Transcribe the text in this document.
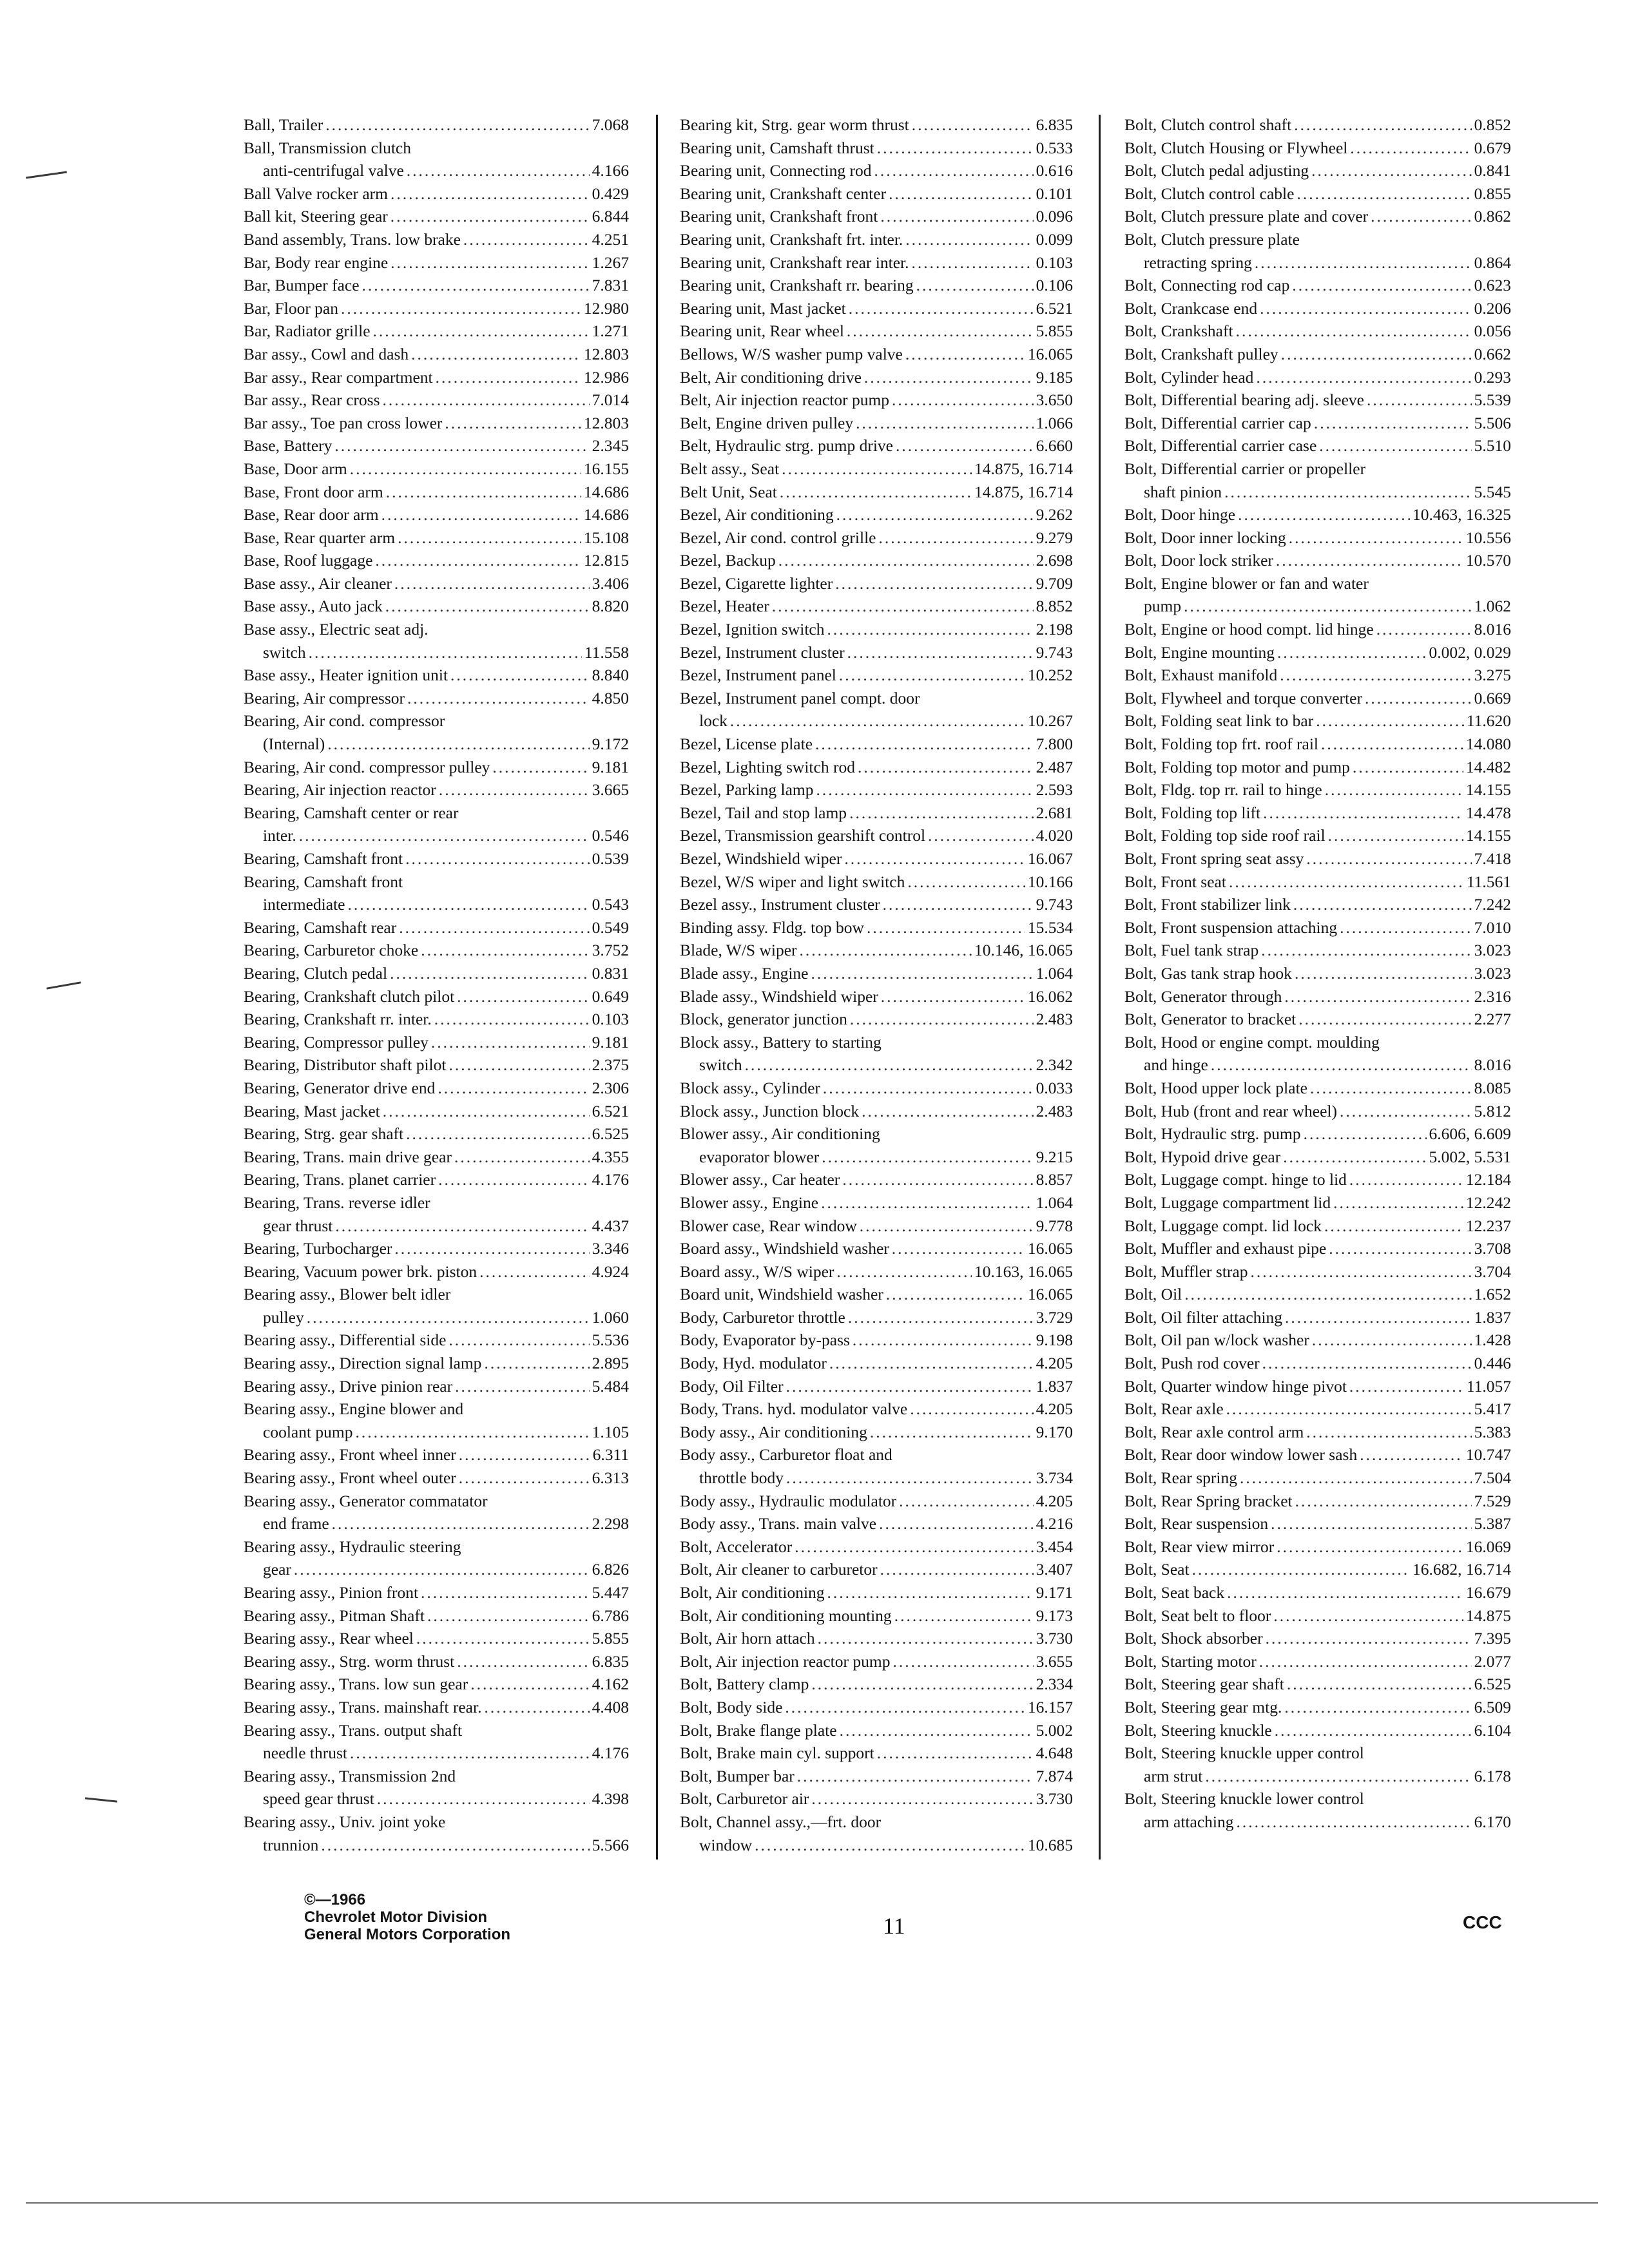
Ball, Trailer .....	7.068
Ball, Transmission clutch
anti-centrifugal valve .....	4.166
Ball Valve rocker arm .....	0.429
Ball kit, Steering gear .....	6.844
Band assembly, Trans. low brake .....	4.251
Bar, Body rear engine .....	1.267
Bar, Bumper face .....	7.831
Bar, Floor pan .....	12.980
Bar, Radiator grille .....	1.271
Bar assy., Cowl and dash .....	12.803
Bar assy., Rear compartment .....	12.986
Bar assy., Rear cross .....	7.014
Bar assy., Toe pan cross lower .....	12.803
Base, Battery .....	2.345
Base, Door arm .....	16.155
Base, Front door arm .....	14.686
Base, Rear door arm .....	14.686
Base, Rear quarter arm .....	15.108
Base, Roof luggage .....	12.815
Base assy., Air cleaner .....	3.406
Base assy., Auto jack .....	8.820
Base assy., Electric seat adj.
switch .....	11.558
Base assy., Heater ignition unit .....	8.840
Bearing, Air compressor .....	4.850
Bearing, Air cond. compressor
(Internal) .....	9.172
Bearing, Air cond. compressor pulley .....	9.181
Bearing, Air injection reactor .....	3.665
Bearing, Camshaft center or rear
inter. .....	0.546
Bearing, Camshaft front .....	0.539
Bearing, Camshaft front
intermediate .....	0.543
Bearing, Camshaft rear .....	0.549
Bearing, Carburetor choke .....	3.752
Bearing, Clutch pedal .....	0.831
Bearing, Crankshaft clutch pilot .....	0.649
Bearing, Crankshaft rr. inter. .....	0.103
Bearing, Compressor pulley .....	9.181
Bearing, Distributor shaft pilot .....	2.375
Bearing, Generator drive end .....	2.306
Bearing, Mast jacket .....	6.521
Bearing, Strg. gear shaft .....	6.525
Bearing, Trans. main drive gear .....	4.355
Bearing, Trans. planet carrier .....	4.176
Bearing, Trans. reverse idler
gear thrust .....	4.437
Bearing, Turbocharger .....	3.346
Bearing, Vacuum power brk. piston .....	4.924
Bearing assy., Blower belt idler
pulley .....	1.060
Bearing assy., Differential side .....	5.536
Bearing assy., Direction signal lamp .....	2.895
Bearing assy., Drive pinion rear .....	5.484
Bearing assy., Engine blower and
coolant pump .....	1.105
Bearing assy., Front wheel inner .....	6.311
Bearing assy., Front wheel outer .....	6.313
Bearing assy., Generator commatator
end frame .....	2.298
Bearing assy., Hydraulic steering
gear .....	6.826
Bearing assy., Pinion front .....	5.447
Bearing assy., Pitman Shaft .....	6.786
Bearing assy., Rear wheel .....	5.855
Bearing assy., Strg. worm thrust .....	6.835
Bearing assy., Trans. low sun gear .....	4.162
Bearing assy., Trans. mainshaft rear. .....	4.408
Bearing assy., Trans. output shaft
needle thrust .....	4.176
Bearing assy., Transmission 2nd
speed gear thrust .....	4.398
Bearing assy., Univ. joint yoke
trunnion .....	5.566
Bearing kit, Strg. gear worm thrust .....	6.835
Bearing unit, Camshaft thrust .....	0.533
Bearing unit, Connecting rod .....	0.616
Bearing unit, Crankshaft center .....	0.101
Bearing unit, Crankshaft front .....	0.096
Bearing unit, Crankshaft frt. inter. .....	0.099
Bearing unit, Crankshaft rear inter. .....	0.103
Bearing unit, Crankshaft rr. bearing .....	0.106
Bearing unit, Mast jacket .....	6.521
Bearing unit, Rear wheel .....	5.855
Bellows, W/S washer pump valve .....	16.065
Belt, Air conditioning drive .....	9.185
Belt, Air injection reactor pump .....	3.650
Belt, Engine driven pulley .....	1.066
Belt, Hydraulic strg. pump drive .....	6.660
Belt assy., Seat .....	14.875, 16.714
Belt Unit, Seat .....	14.875, 16.714
Bezel, Air conditioning .....	9.262
Bezel, Air cond. control grille .....	9.279
Bezel, Backup .....	2.698
Bezel, Cigarette lighter .....	9.709
Bezel, Heater .....	8.852
Bezel, Ignition switch .....	2.198
Bezel, Instrument cluster .....	9.743
Bezel, Instrument panel .....	10.252
Bezel, Instrument panel compt. door
lock .....	10.267
Bezel, License plate .....	7.800
Bezel, Lighting switch rod .....	2.487
Bezel, Parking lamp .....	2.593
Bezel, Tail and stop lamp .....	2.681
Bezel, Transmission gearshift control .....	4.020
Bezel, Windshield wiper .....	16.067
Bezel, W/S wiper and light switch .....	10.166
Bezel assy., Instrument cluster .....	9.743
Binding assy. Fldg. top bow .....	15.534
Blade, W/S wiper .....	10.146, 16.065
Blade assy., Engine .....	1.064
Blade assy., Windshield wiper .....	16.062
Block, generator junction .....	2.483
Block assy., Battery to starting
switch .....	2.342
Block assy., Cylinder .....	0.033
Block assy., Junction block .....	2.483
Blower assy., Air conditioning
evaporator blower .....	9.215
Blower assy., Car heater .....	8.857
Blower assy., Engine .....	1.064
Blower case, Rear window .....	9.778
Board assy., Windshield washer .....	16.065
Board assy., W/S wiper .....	10.163, 16.065
Board unit, Windshield washer .....	16.065
Body, Carburetor throttle .....	3.729
Body, Evaporator by-pass .....	9.198
Body, Hyd. modulator .....	4.205
Body, Oil Filter .....	1.837
Body, Trans. hyd. modulator valve .....	4.205
Body assy., Air conditioning .....	9.170
Body assy., Carburetor float and
throttle body .....	3.734
Body assy., Hydraulic modulator .....	4.205
Body assy., Trans. main valve .....	4.216
Bolt, Accelerator .....	3.454
Bolt, Air cleaner to carburetor .....	3.407
Bolt, Air conditioning .....	9.171
Bolt, Air conditioning mounting .....	9.173
Bolt, Air horn attach .....	3.730
Bolt, Air injection reactor pump .....	3.655
Bolt, Battery clamp .....	2.334
Bolt, Body side .....	16.157
Bolt, Brake flange plate .....	5.002
Bolt, Brake main cyl. support .....	4.648
Bolt, Bumper bar .....	7.874
Bolt, Carburetor air .....	3.730
Bolt, Channel assy.,—frt. door
window .....	10.685
Bolt, Clutch control shaft .....	0.852
Bolt, Clutch Housing or Flywheel .....	0.679
Bolt, Clutch pedal adjusting .....	0.841
Bolt, Clutch control cable .....	0.855
Bolt, Clutch pressure plate and cover .....	0.862
Bolt, Clutch pressure plate
retracting spring .....	0.864
Bolt, Connecting rod cap .....	0.623
Bolt, Crankcase end .....	0.206
Bolt, Crankshaft .....	0.056
Bolt, Crankshaft pulley .....	0.662
Bolt, Cylinder head .....	0.293
Bolt, Differential bearing adj. sleeve .....	5.539
Bolt, Differential carrier cap .....	5.506
Bolt, Differential carrier case .....	5.510
Bolt, Differential carrier or propeller
shaft pinion .....	5.545
Bolt, Door hinge .....	10.463, 16.325
Bolt, Door inner locking .....	10.556
Bolt, Door lock striker .....	10.570
Bolt, Engine blower or fan and water
pump .....	1.062
Bolt, Engine or hood compt. lid hinge .....	8.016
Bolt, Engine mounting .....	0.002, 0.029
Bolt, Exhaust manifold .....	3.275
Bolt, Flywheel and torque converter .....	0.669
Bolt, Folding seat link to bar .....	11.620
Bolt, Folding top frt. roof rail .....	14.080
Bolt, Folding top motor and pump .....	14.482
Bolt, Fldg. top rr. rail to hinge .....	14.155
Bolt, Folding top lift .....	14.478
Bolt, Folding top side roof rail .....	14.155
Bolt, Front spring seat assy .....	7.418
Bolt, Front seat .....	11.561
Bolt, Front stabilizer link .....	7.242
Bolt, Front suspension attaching .....	7.010
Bolt, Fuel tank strap .....	3.023
Bolt, Gas tank strap hook .....	3.023
Bolt, Generator through .....	2.316
Bolt, Generator to bracket .....	2.277
Bolt, Hood or engine compt. moulding
and hinge .....	8.016
Bolt, Hood upper lock plate .....	8.085
Bolt, Hub (front and rear wheel) .....	5.812
Bolt, Hydraulic strg. pump .....	6.606, 6.609
Bolt, Hypoid drive gear .....	5.002, 5.531
Bolt, Luggage compt. hinge to lid .....	12.184
Bolt, Luggage compartment lid .....	12.242
Bolt, Luggage compt. lid lock .....	12.237
Bolt, Muffler and exhaust pipe .....	3.708
Bolt, Muffler strap .....	3.704
Bolt, Oil .....	1.652
Bolt, Oil filter attaching .....	1.837
Bolt, Oil pan w/lock washer .....	1.428
Bolt, Push rod cover .....	0.446
Bolt, Quarter window hinge pivot .....	11.057
Bolt, Rear axle .....	5.417
Bolt, Rear axle control arm .....	5.383
Bolt, Rear door window lower sash .....	10.747
Bolt, Rear spring .....	7.504
Bolt, Rear Spring bracket .....	7.529
Bolt, Rear suspension .....	5.387
Bolt, Rear view mirror .....	16.069
Bolt, Seat .....	16.682, 16.714
Bolt, Seat back .....	16.679
Bolt, Seat belt to floor .....	14.875
Bolt, Shock absorber .....	7.395
Bolt, Starting motor .....	2.077
Bolt, Steering gear shaft .....	6.525
Bolt, Steering gear mtg. .....	6.509
Bolt, Steering knuckle .....	6.104
Bolt, Steering knuckle upper control
arm strut .....	6.178
Bolt, Steering knuckle lower control
arm attaching .....	6.170
©—1966
Chevrolet Motor Division
General Motors Corporation	11	CCC
